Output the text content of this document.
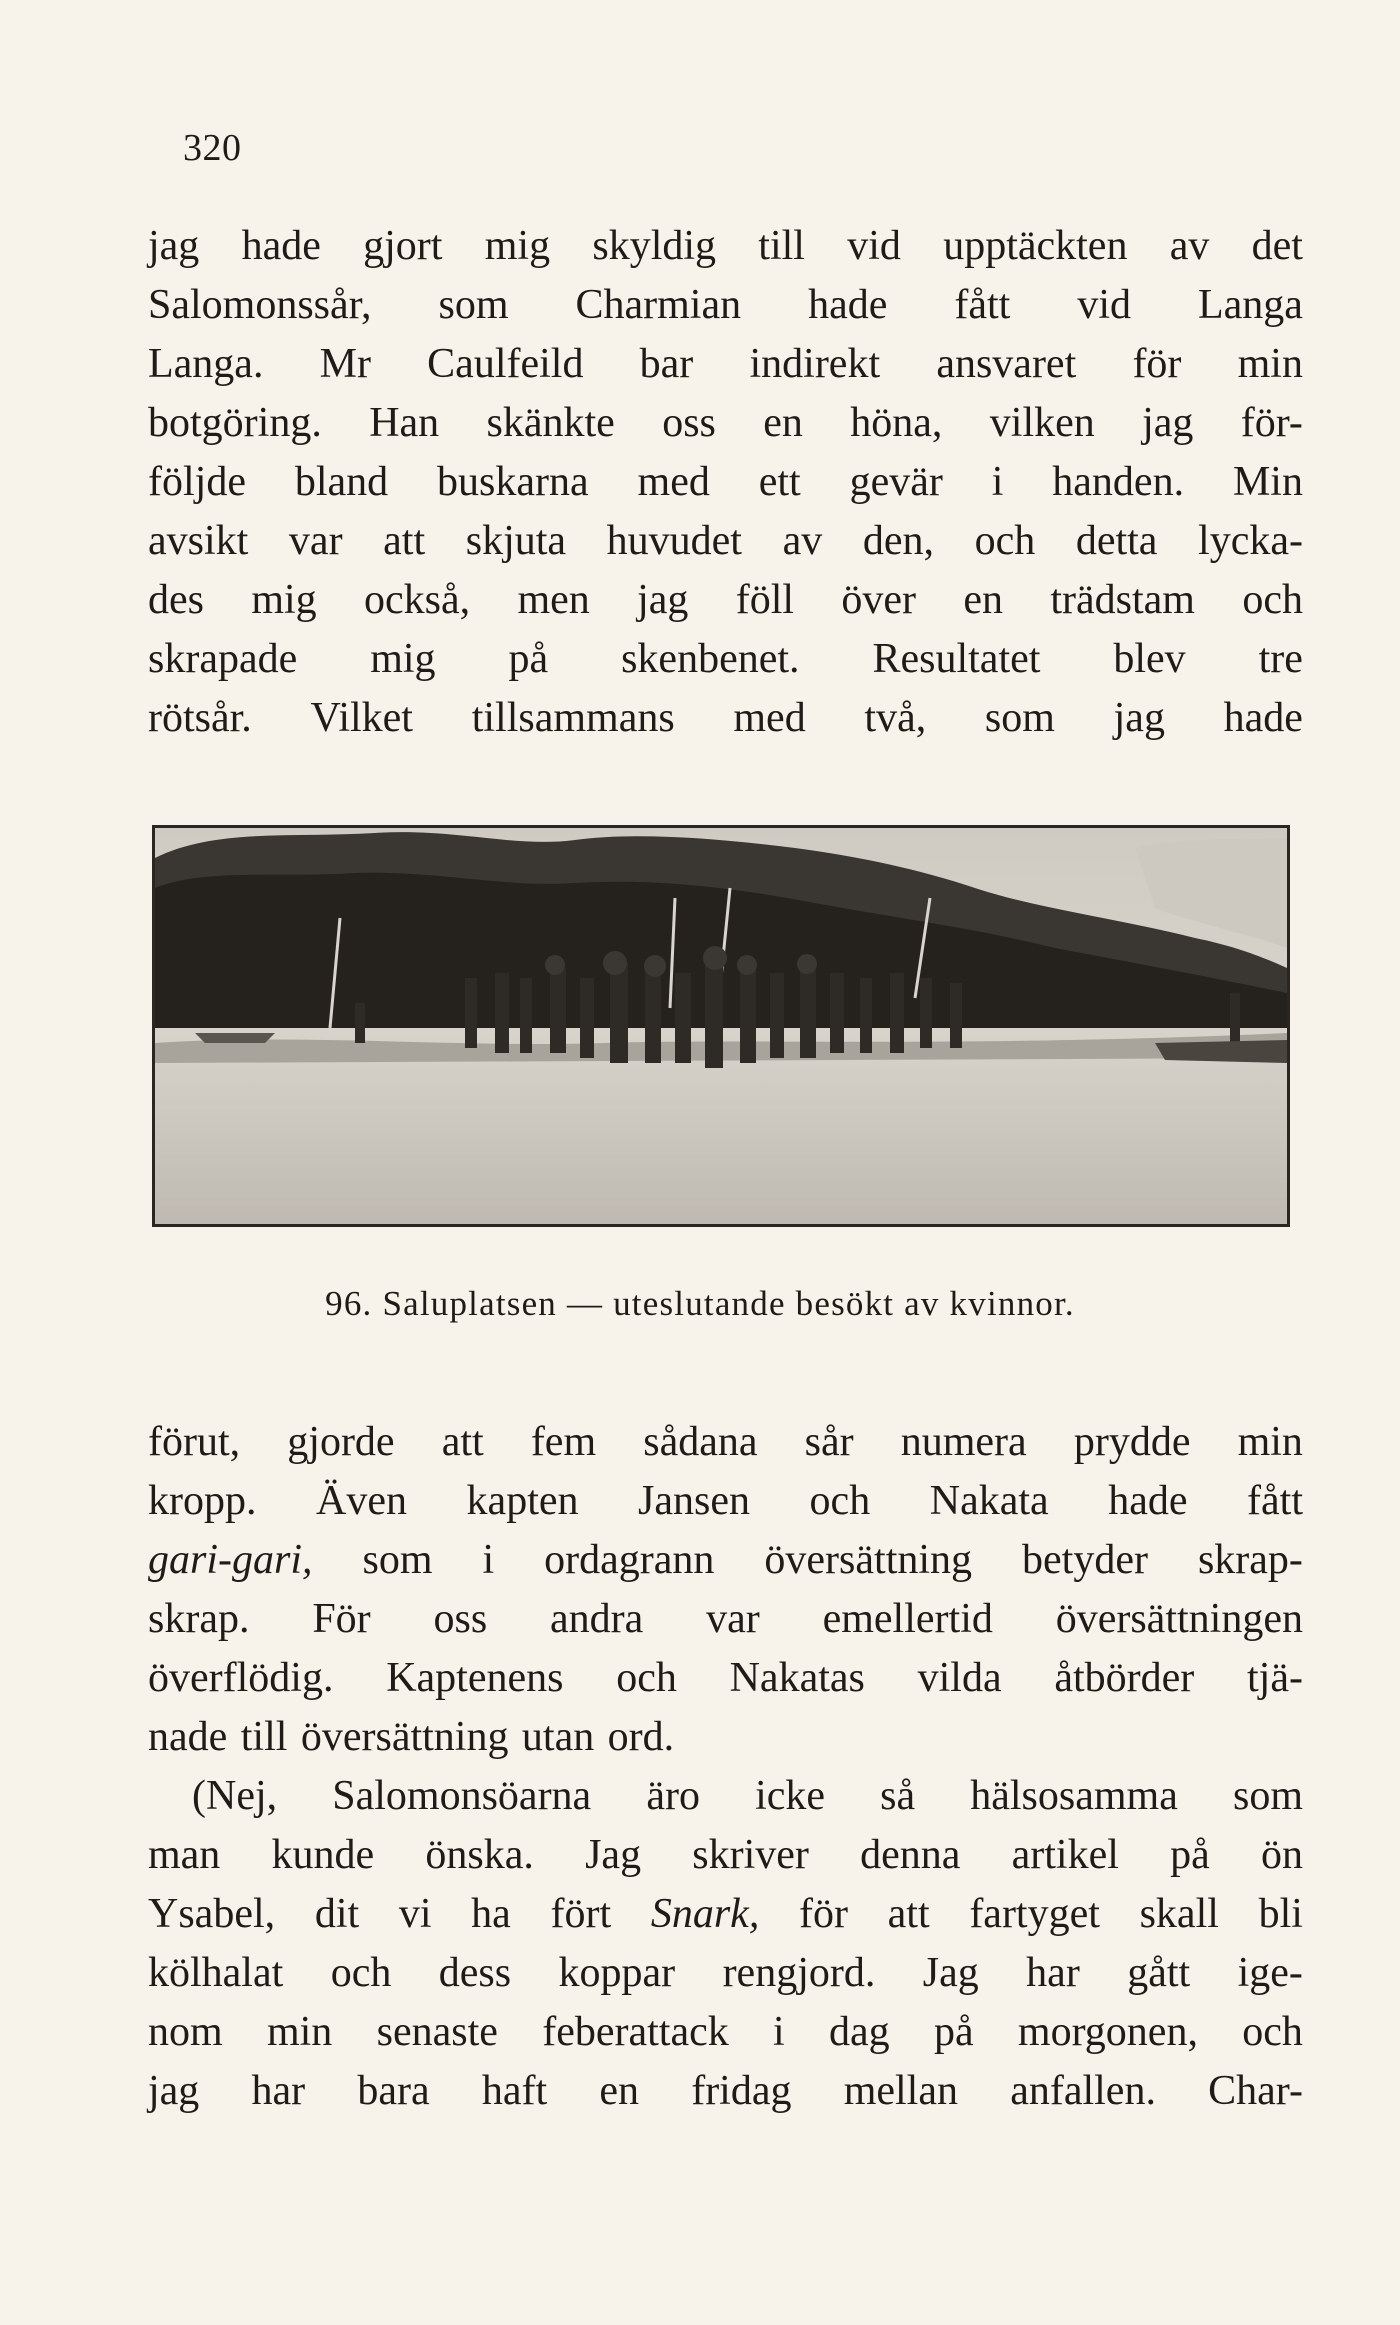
320
jag hade gjort mig skyldig till vid upptäckten av det
Salomonssår, som Charmian hade fått vid Langa
Langa. Mr Caulfeild bar indirekt ansvaret för min
botgöring. Han skänkte oss en höna, vilken jag för-
följde bland buskarna med ett gevär i handen. Min
avsikt var att skjuta huvudet av den, och detta lycka-
des mig också, men jag föll över en trädstam och
skrapade mig på skenbenet. Resultatet blev tre
rötsår. Vilket tillsammans med två, som jag hade
96. Saluplatsen — uteslutande besökt av kvinnor.
förut, gjorde att fem sådana sår numera prydde min
kropp. Även kapten Jansen och Nakata hade fått
gari-gari, som i ordagrann översättning betyder skrap-
skrap. För oss andra var emellertid översättningen
överflödig. Kaptenens och Nakatas vilda åtbörder tjä-
nade till översättning utan ord.
(Nej, Salomonsöarna äro icke så hälsosamma som
man kunde önska. Jag skriver denna artikel på ön
Ysabel, dit vi ha fört Snark, för att fartyget skall bli
kölhalat och dess koppar rengjord. Jag har gått ige-
nom min senaste feberattack i dag på morgonen, och
jag har bara haft en fridag mellan anfallen. Char-
